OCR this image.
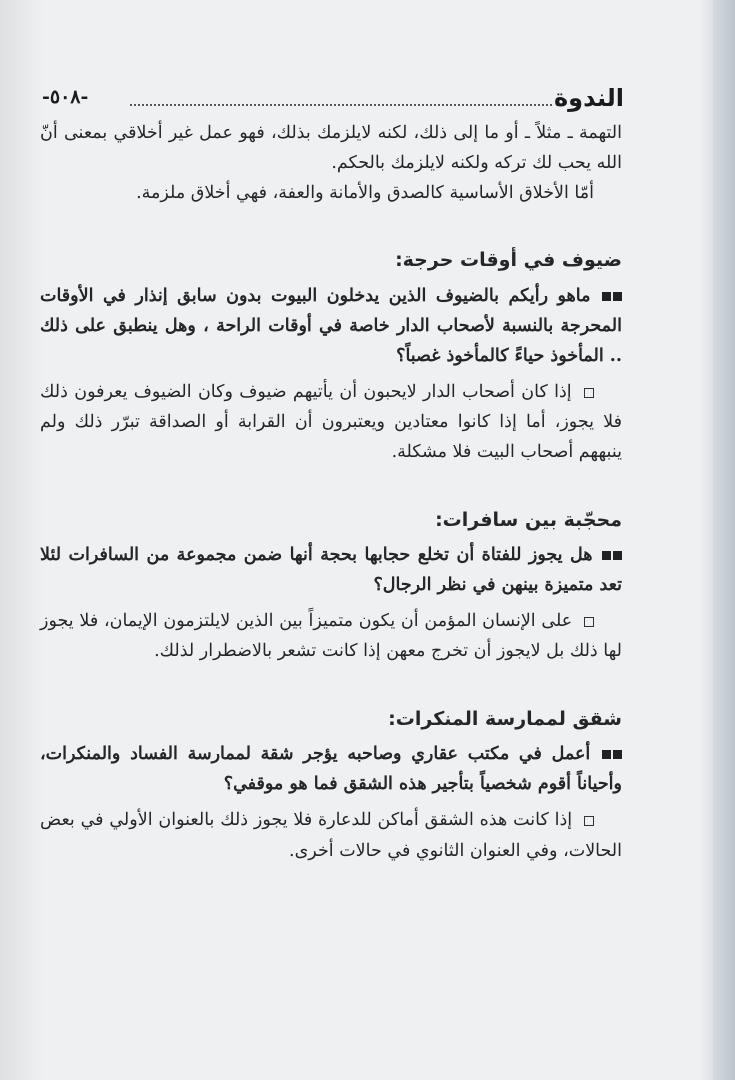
الندوة
-٥٠٨-

التهمة ـ مثلاً ـ أو ما إلى ذلك، لكنه لايلزمك بذلك، فهو عمل غير أخلاقي بمعنى أنّ الله يحب لك تركه ولكنه لايلزمك بالحكم.

أمّا الأخلاق الأساسية كالصدق والأمانة والعفة، فهي أخلاق ملزمة.

ضيوف في أوقات حرجة:

ماهو رأيكم بالضيوف الذين يدخلون البيوت بدون سابق إنذار في الأوقات المحرجة بالنسبة لأصحاب الدار خاصة في أوقات الراحة ، وهل ينطبق على ذلك .. المأخوذ حياءً كالمأخوذ غصباً؟

إذا كان أصحاب الدار لايحبون أن يأتيهم ضيوف وكان الضيوف يعرفون ذلك فلا يجوز، أما إذا كانوا معتادين ويعتبرون أن القرابة أو الصداقة تبرّر ذلك ولم ينبههم أصحاب البيت فلا مشكلة.

محجّبة بين سافرات:

هل يجوز للفتاة أن تخلع حجابها بحجة أنها ضمن مجموعة من السافرات لئلا تعد متميزة بينهن في نظر الرجال؟

على الإنسان المؤمن أن يكون متميزاً بين الذين لايلتزمون الإيمان، فلا يجوز لها ذلك بل لايجوز أن تخرج معهن إذا كانت تشعر بالاضطرار لذلك.

شقق لممارسة المنكرات:

أعمل في مكتب عقاري وصاحبه يؤجر شقة لممارسة الفساد والمنكرات، وأحياناً أقوم شخصياً بتأجير هذه الشقق فما هو موقفي؟

إذا كانت هذه الشقق أماكن للدعارة فلا يجوز ذلك بالعنوان الأولي في بعض الحالات، وفي العنوان الثانوي في حالات أخرى.
